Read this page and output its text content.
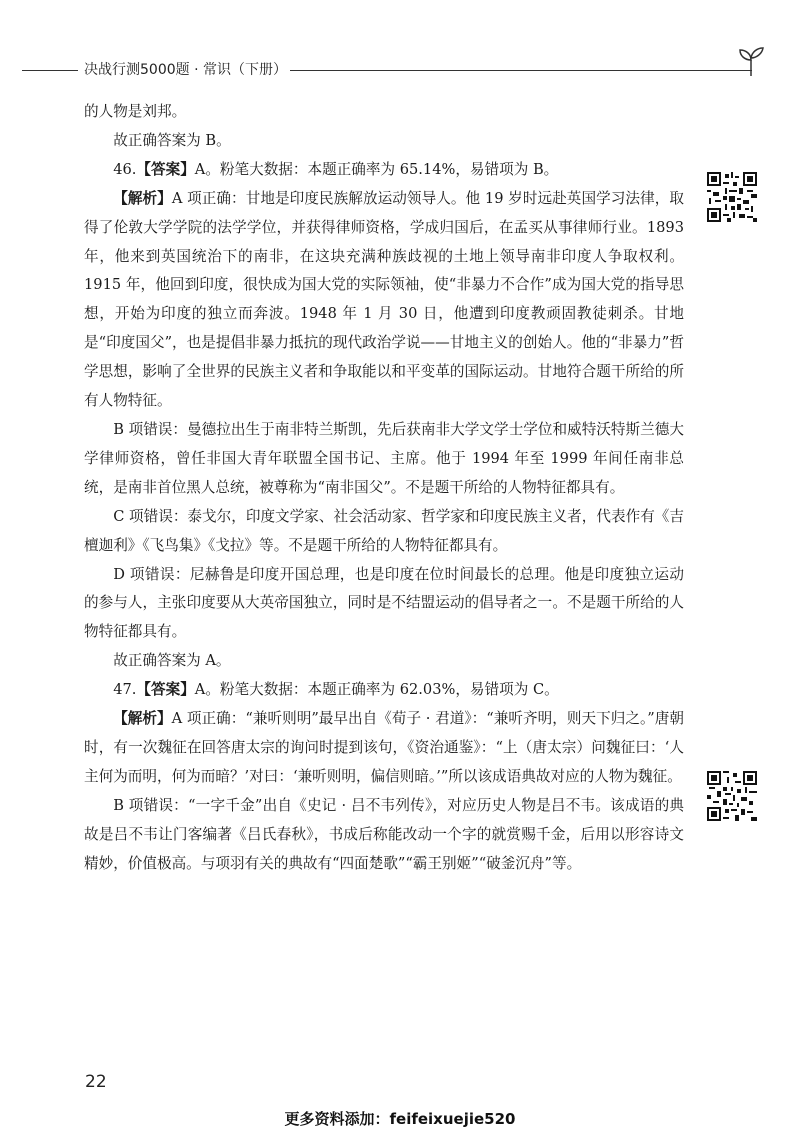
决战行测5000题 · 常识（下册）

的人物是刘邦。

故正确答案为 B。

46.【答案】A。粉笔大数据：本题正确率为 65.14%，易错项为 B。

【解析】A 项正确：甘地是印度民族解放运动领导人。他 19 岁时远赴英国学习法律，取得了伦敦大学学院的法学学位，并获得律师资格，学成归国后，在孟买从事律师行业。1893 年，他来到英国统治下的南非，在这块充满种族歧视的土地上领导南非印度人争取权利。1915 年，他回到印度，很快成为国大党的实际领袖，使“非暴力不合作”成为国大党的指导思想，开始为印度的独立而奔波。1948 年 1 月 30 日，他遭到印度教顽固教徒刺杀。甘地是“印度国父”，也是提倡非暴力抵抗的现代政治学说——甘地主义的创始人。他的“非暴力”哲学思想，影响了全世界的民族主义者和争取能以和平变革的国际运动。甘地符合题干所给的所有人物特征。

B 项错误：曼德拉出生于南非特兰斯凯，先后获南非大学文学士学位和威特沃特斯兰德大学律师资格，曾任非国大青年联盟全国书记、主席。他于 1994 年至 1999 年间任南非总统，是南非首位黑人总统，被尊称为“南非国父”。不是题干所给的人物特征都具有。

C 项错误：泰戈尔，印度文学家、社会活动家、哲学家和印度民族主义者，代表作有《吉檀迦利》《飞鸟集》《戈拉》等。不是题干所给的人物特征都具有。

D 项错误：尼赫鲁是印度开国总理，也是印度在位时间最长的总理。他是印度独立运动的参与人，主张印度要从大英帝国独立，同时是不结盟运动的倡导者之一。不是题干所给的人物特征都具有。

故正确答案为 A。

47.【答案】A。粉笔大数据：本题正确率为 62.03%，易错项为 C。

【解析】A 项正确：“兼听则明”最早出自《荀子 · 君道》：“兼听齐明，则天下归之。”唐朝时，有一次魏征在回答唐太宗的询问时提到该句，《资治通鉴》：“上（唐太宗）问魏征曰：‘人主何为而明，何为而暗？’对曰：‘兼听则明，偏信则暗。’”所以该成语典故对应的人物为魏征。

B 项错误：“一字千金”出自《史记 · 吕不韦列传》，对应历史人物是吕不韦。该成语的典故是吕不韦让门客编著《吕氏春秋》，书成后称能改动一个字的就赏赐千金，后用以形容诗文精妙，价值极高。与项羽有关的典故有“四面楚歌”“霸王别姬”“破釜沉舟”等。

22
更多资料添加：feifeixuejie520
